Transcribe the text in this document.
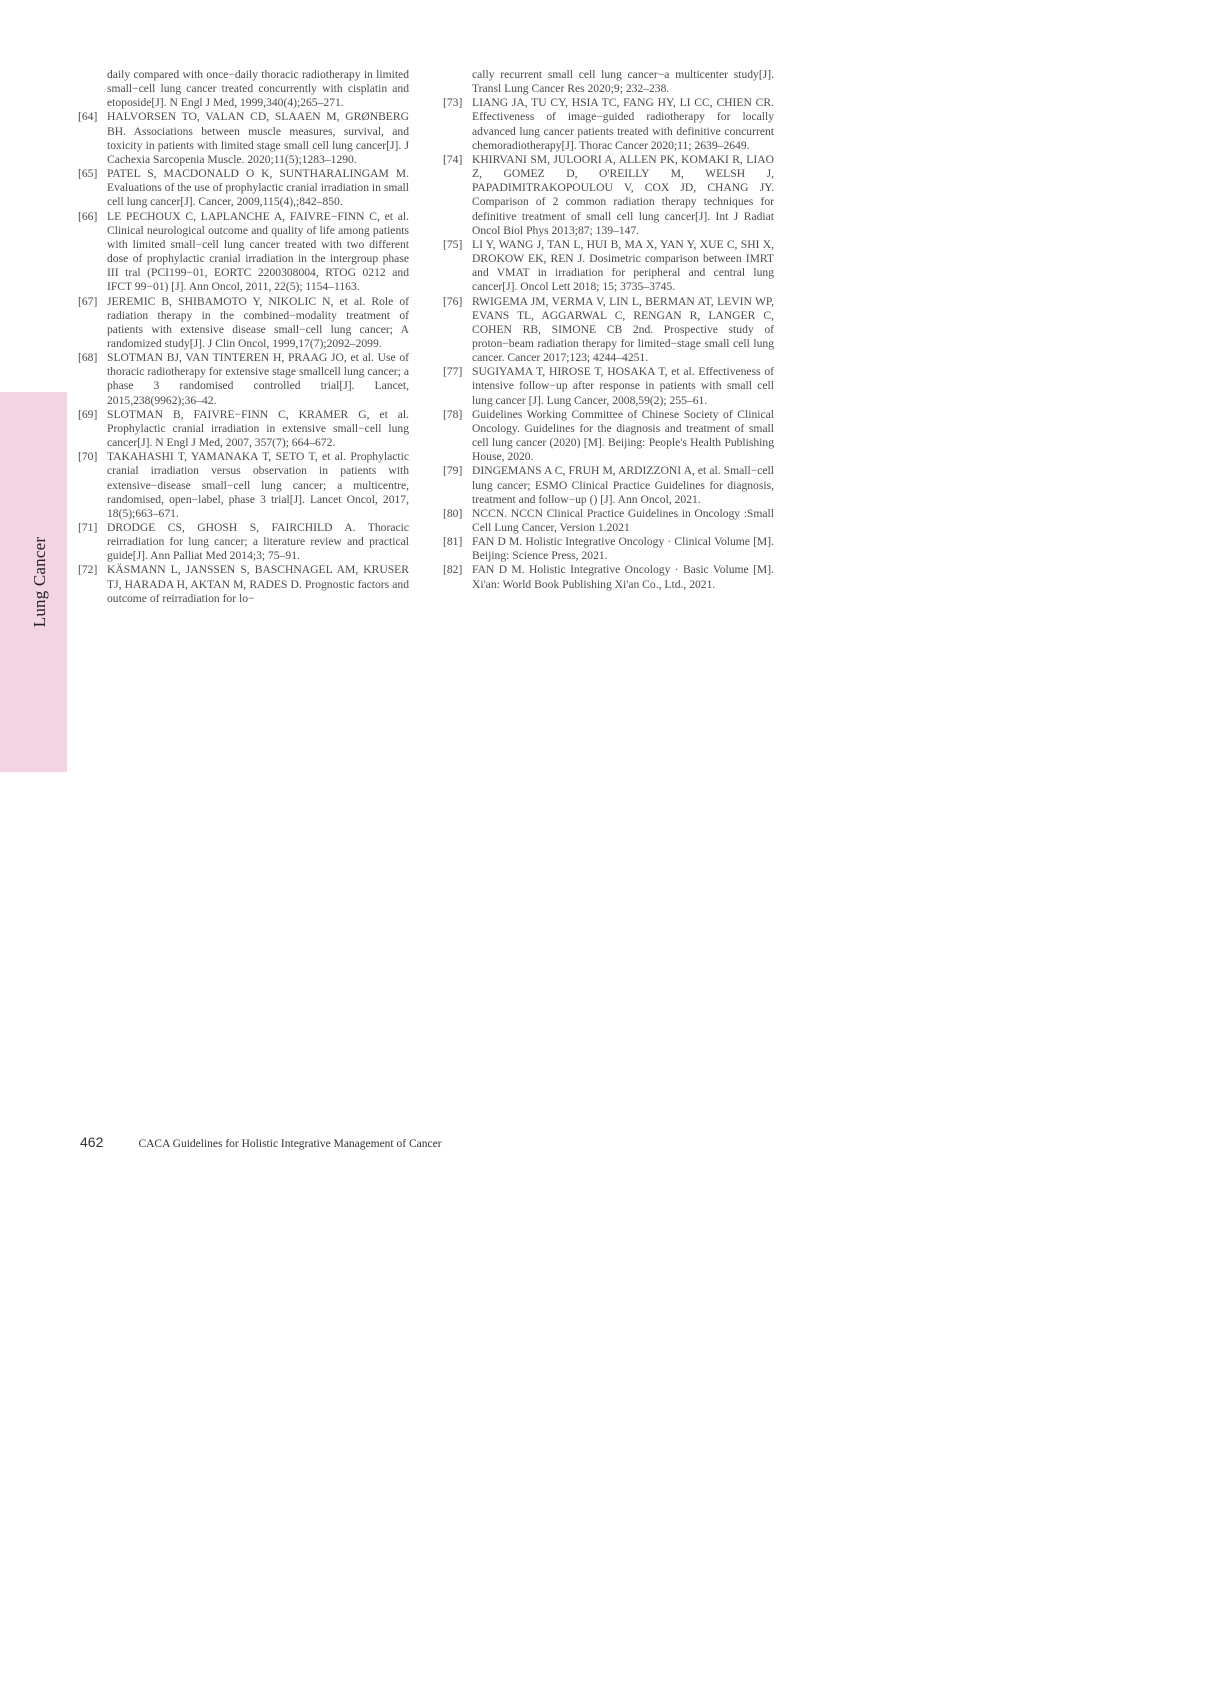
Lung Cancer

daily compared with once−daily thoracic radiotherapy in limited small−cell lung cancer treated concurrently with cisplatin and etoposide[J]. N Engl J Med, 1999,340(4);265–271.

[64] HALVORSEN TO, VALAN CD, SLAAEN M, GRØNBERG BH. Associations between muscle measures, survival, and toxicity in patients with limited stage small cell lung cancer[J]. J Cachexia Sarcopenia Muscle. 2020;11(5);1283–1290.

[65] PATEL S, MACDONALD O K, SUNTHARALINGAM M. Evaluations of the use of prophylactic cranial irradiation in small cell lung cancer[J]. Cancer, 2009,115(4),;842–850.

[66] LE PECHOUX C, LAPLANCHE A, FAIVRE−FINN C, et al. Clinical neurological outcome and quality of life among patients with limited small−cell lung cancer treated with two different dose of prophylactic cranial irradiation in the intergroup phase III tral (PCI199−01, EORTC 2200308004, RTOG 0212 and IFCT 99−01) [J]. Ann Oncol, 2011, 22(5); 1154–1163.

[67] JEREMIC B, SHIBAMOTO Y, NIKOLIC N, et al. Role of radiation therapy in the combined−modality treatment of patients with extensive disease small−cell lung cancer; A randomized study[J]. J Clin Oncol, 1999,17(7);2092–2099.

[68] SLOTMAN BJ, VAN TINTEREN H, PRAAG JO, et al. Use of thoracic radiotherapy for extensive stage smallcell lung cancer; a phase 3 randomised controlled trial[J]. Lancet, 2015,238(9962);36–42.

[69] SLOTMAN B, FAIVRE−FINN C, KRAMER G, et al. Prophylactic cranial irradiation in extensive small−cell lung cancer[J]. N Engl J Med, 2007, 357(7); 664–672.

[70] TAKAHASHI T, YAMANAKA T, SETO T, et al. Prophylactic cranial irradiation versus observation in patients with extensive−disease small−cell lung cancer; a multicentre, randomised, open−label, phase 3 trial[J]. Lancet Oncol, 2017, 18(5);663–671.

[71] DRODGE CS, GHOSH S, FAIRCHILD A. Thoracic reirradiation for lung cancer; a literature review and practical guide[J]. Ann Palliat Med 2014;3; 75–91.

[72] KÄSMANN L, JANSSEN S, BASCHNAGEL AM, KRUSER TJ, HARADA H, AKTAN M, RADES D. Prognostic factors and outcome of reirradiation for lo−

cally recurrent small cell lung cancer−a multicenter study[J]. Transl Lung Cancer Res 2020;9; 232–238.

[73] LIANG JA, TU CY, HSIA TC, FANG HY, LI CC, CHIEN CR. Effectiveness of image−guided radiotherapy for locally advanced lung cancer patients treated with definitive concurrent chemoradiotherapy[J]. Thorac Cancer 2020;11; 2639–2649.

[74] KHIRVANI SM, JULOORI A, ALLEN PK, KOMAKI R, LIAO Z, GOMEZ D, O'REILLY M, WELSH J, PAPADIMITRAKOPOULOU V, COX JD, CHANG JY. Comparison of 2 common radiation therapy techniques for definitive treatment of small cell lung cancer[J]. Int J Radiat Oncol Biol Phys 2013;87; 139–147.

[75] LI Y, WANG J, TAN L, HUI B, MA X, YAN Y, XUE C, SHI X, DROKOW EK, REN J. Dosimetric comparison between IMRT and VMAT in irradiation for peripheral and central lung cancer[J]. Oncol Lett 2018; 15; 3735–3745.

[76] RWIGEMA JM, VERMA V, LIN L, BERMAN AT, LEVIN WP, EVANS TL, AGGARWAL C, RENGAN R, LANGER C, COHEN RB, SIMONE CB 2nd. Prospective study of proton−beam radiation therapy for limited−stage small cell lung cancer. Cancer 2017;123; 4244–4251.

[77] SUGIYAMA T, HIROSE T, HOSAKA T, et al. Effectiveness of intensive follow−up after response in patients with small cell lung cancer [J]. Lung Cancer, 2008,59(2); 255–61.

[78] Guidelines Working Committee of Chinese Society of Clinical Oncology. Guidelines for the diagnosis and treatment of small cell lung cancer (2020) [M]. Beijing: People's Health Publishing House, 2020.

[79] DINGEMANS A C, FRUH M, ARDIZZONI A, et al. Small−cell lung cancer; ESMO Clinical Practice Guidelines for diagnosis, treatment and follow−up () [J]. Ann Oncol, 2021.

[80] NCCN. NCCN Clinical Practice Guidelines in Oncology :Small Cell Lung Cancer, Version 1.2021

[81] FAN D M. Holistic Integrative Oncology · Clinical Volume [M]. Beijing: Science Press, 2021.

[82] FAN D M. Holistic Integrative Oncology · Basic Volume [M]. Xi'an: World Book Publishing Xi'an Co., Ltd., 2021.

462	CACA Guidelines for Holistic Integrative Management of Cancer
